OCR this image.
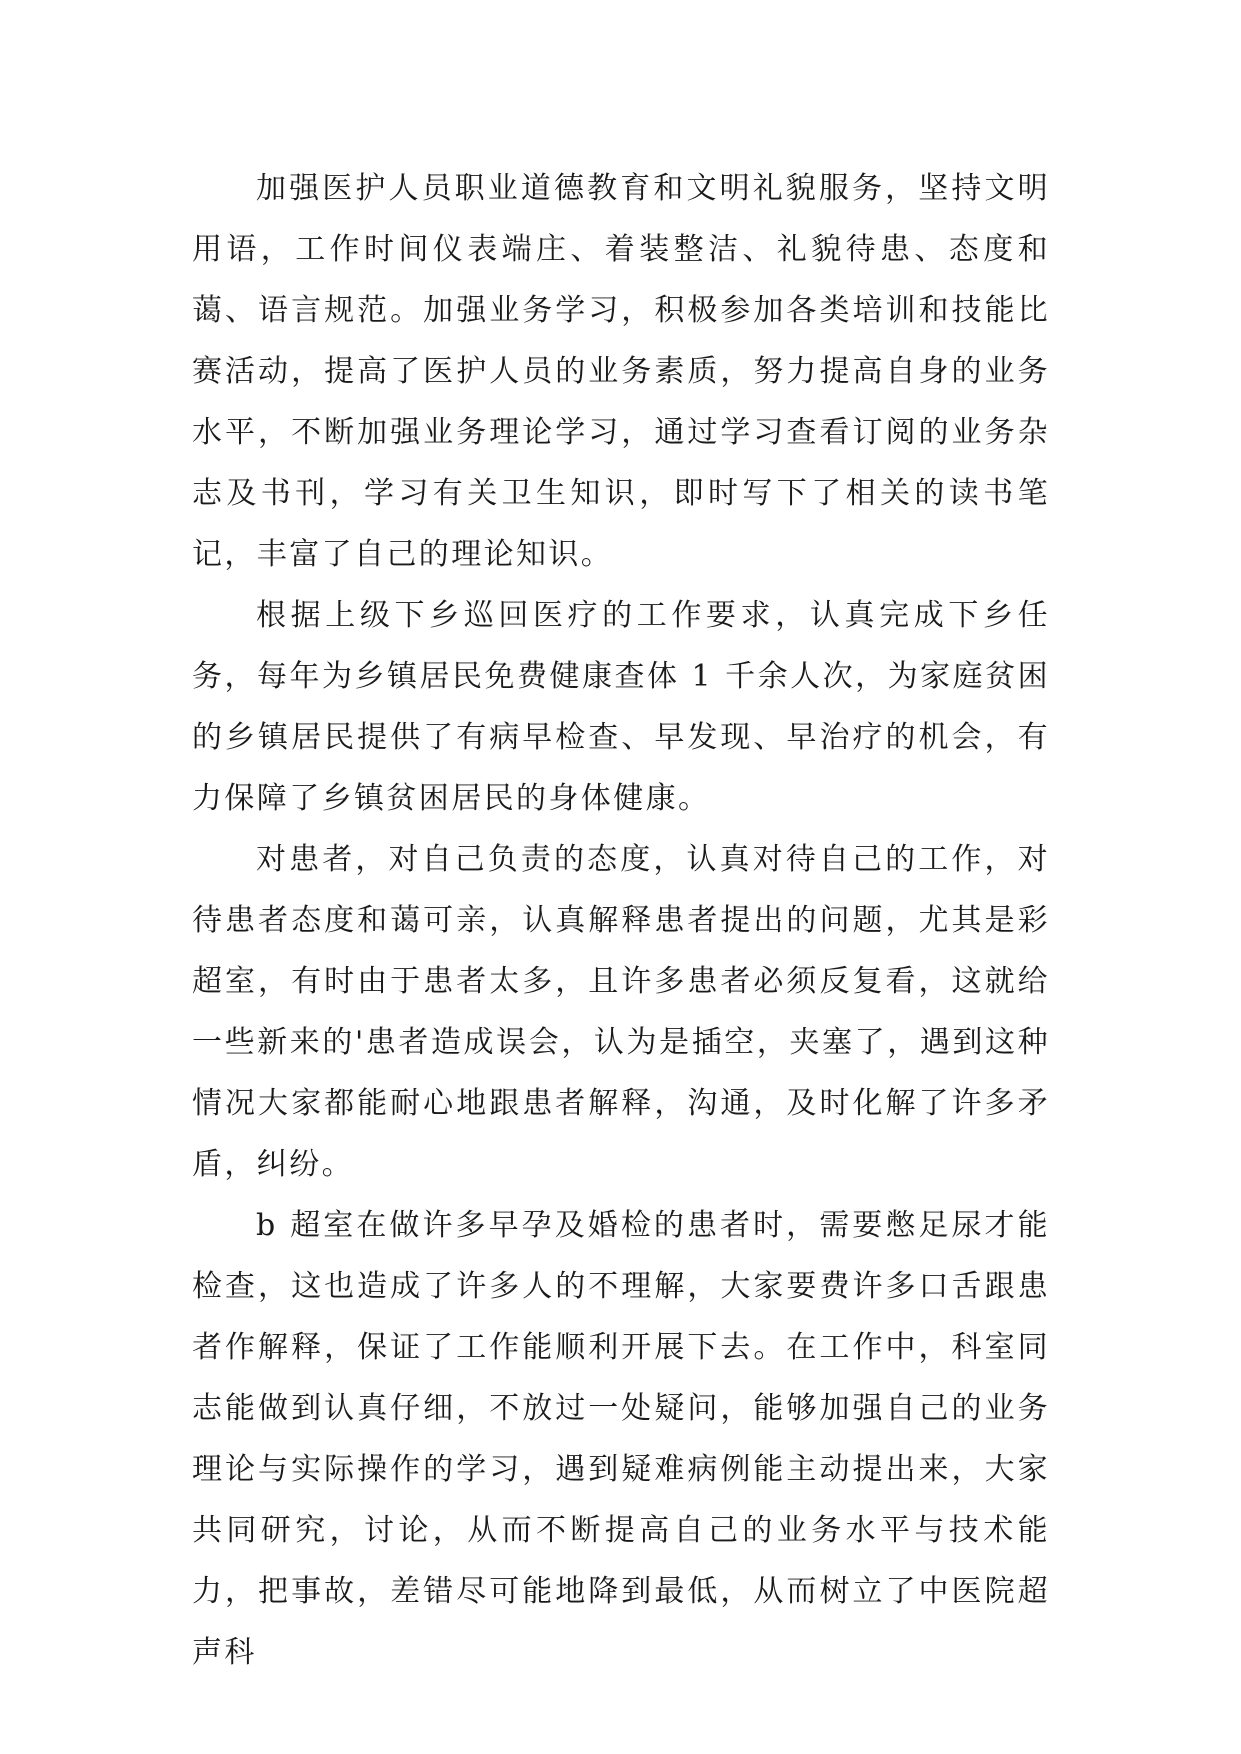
加强医护人员职业道德教育和文明礼貌服务，坚持文明用语，工作时间仪表端庄、着装整洁、礼貌待患、态度和蔼、语言规范。加强业务学习，积极参加各类培训和技能比赛活动，提高了医护人员的业务素质，努力提高自身的业务水平，不断加强业务理论学习，通过学习查看订阅的业务杂志及书刊，学习有关卫生知识，即时写下了相关的读书笔记，丰富了自己的理论知识。

根据上级下乡巡回医疗的工作要求，认真完成下乡任务，每年为乡镇居民免费健康查体 1 千余人次，为家庭贫困的乡镇居民提供了有病早检查、早发现、早治疗的机会，有力保障了乡镇贫困居民的身体健康。

对患者，对自己负责的态度，认真对待自己的工作，对待患者态度和蔼可亲，认真解释患者提出的问题，尤其是彩超室，有时由于患者太多，且许多患者必须反复看，这就给一些新来的'患者造成误会，认为是插空，夹塞了，遇到这种情况大家都能耐心地跟患者解释，沟通，及时化解了许多矛盾，纠纷。

b 超室在做许多早孕及婚检的患者时，需要憋足尿才能检查，这也造成了许多人的不理解，大家要费许多口舌跟患者作解释，保证了工作能顺利开展下去。在工作中，科室同志能做到认真仔细，不放过一处疑问，能够加强自己的业务理论与实际操作的学习，遇到疑难病例能主动提出来，大家共同研究，讨论，从而不断提高自己的业务水平与技术能力，把事故，差错尽可能地降到最低，从而树立了中医院超声科
